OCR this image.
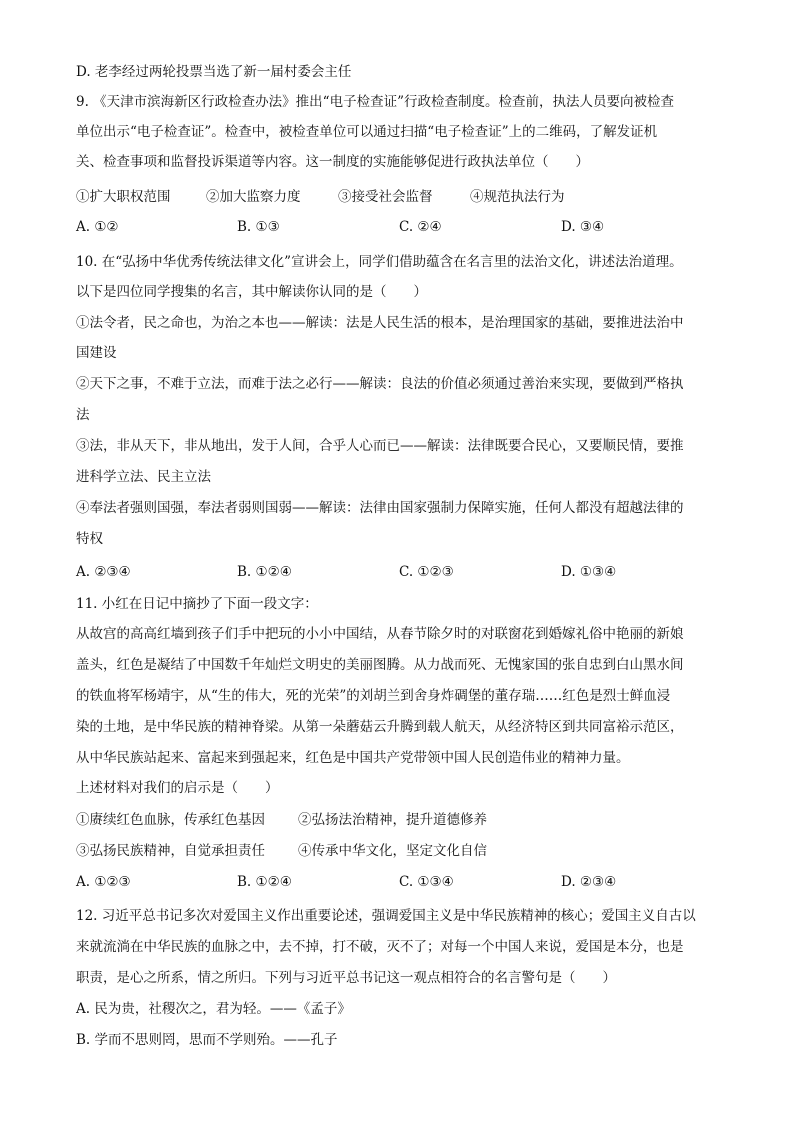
D. 老李经过两轮投票当选了新一届村委会主任
9. 《天津市滨海新区行政检查办法》推出“电子检查证”行政检查制度。检查前，执法人员要向被检查
单位出示“电子检查证”。检查中，被检查单位可以通过扫描“电子检查证”上的二维码，了解发证机
关、检查事项和监督投诉渠道等内容。这一制度的实施能够促进行政执法单位（　　）
①扩大职权范围	②加大监察力度	③接受社会监督	④规范执法行为
A. ①②	B. ①③	C. ②④	D. ③④
10. 在“弘扬中华优秀传统法律文化”宣讲会上，同学们借助蕴含在名言里的法治文化，讲述法治道理。
以下是四位同学搜集的名言，其中解读你认同的是（　　）
①法令者，民之命也，为治之本也——解读：法是人民生活的根本，是治理国家的基础，要推进法治中
国建设
②天下之事，不难于立法，而难于法之必行——解读：良法的价值必须通过善治来实现，要做到严格执
法
③法，非从天下，非从地出，发于人间，合乎人心而已——解读：法律既要合民心，又要顺民情，要推
进科学立法、民主立法
④奉法者强则国强，奉法者弱则国弱——解读：法律由国家强制力保障实施，任何人都没有超越法律的
特权
A. ②③④	B. ①②④	C. ①②③	D. ①③④
11. 小红在日记中摘抄了下面一段文字：
从故宫的高高红墙到孩子们手中把玩的小小中国结，从春节除夕时的对联窗花到婚嫁礼俗中艳丽的新娘
盖头，红色是凝结了中国数千年灿烂文明史的美丽图腾。从力战而死、无愧家国的张自忠到白山黑水间
的铁血将军杨靖宇，从“生的伟大，死的光荣”的刘胡兰到舍身炸碉堡的董存瑞……红色是烈士鲜血浸
染的土地，是中华民族的精神脊梁。从第一朵蘑菇云升腾到载人航天，从经济特区到共同富裕示范区，
从中华民族站起来、富起来到强起来，红色是中国共产党带领中国人民创造伟业的精神力量。
上述材料对我们的启示是（　　）
①赓续红色血脉，传承红色基因 ②弘扬法治精神，提升道德修养
③弘扬民族精神，自觉承担责任 ④传承中华文化，坚定文化自信
A. ①②③	B. ①②④	C. ①③④	D. ②③④
12. 习近平总书记多次对爱国主义作出重要论述，强调爱国主义是中华民族精神的核心；爱国主义自古以
来就流淌在中华民族的血脉之中，去不掉，打不破，灭不了；对每一个中国人来说，爱国是本分，也是
职责，是心之所系，情之所归。下列与习近平总书记这一观点相符合的名言警句是（　　）
A. 民为贵，社稷次之，君为轻。——《孟子》
B. 学而不思则罔，思而不学则殆。——孔子
